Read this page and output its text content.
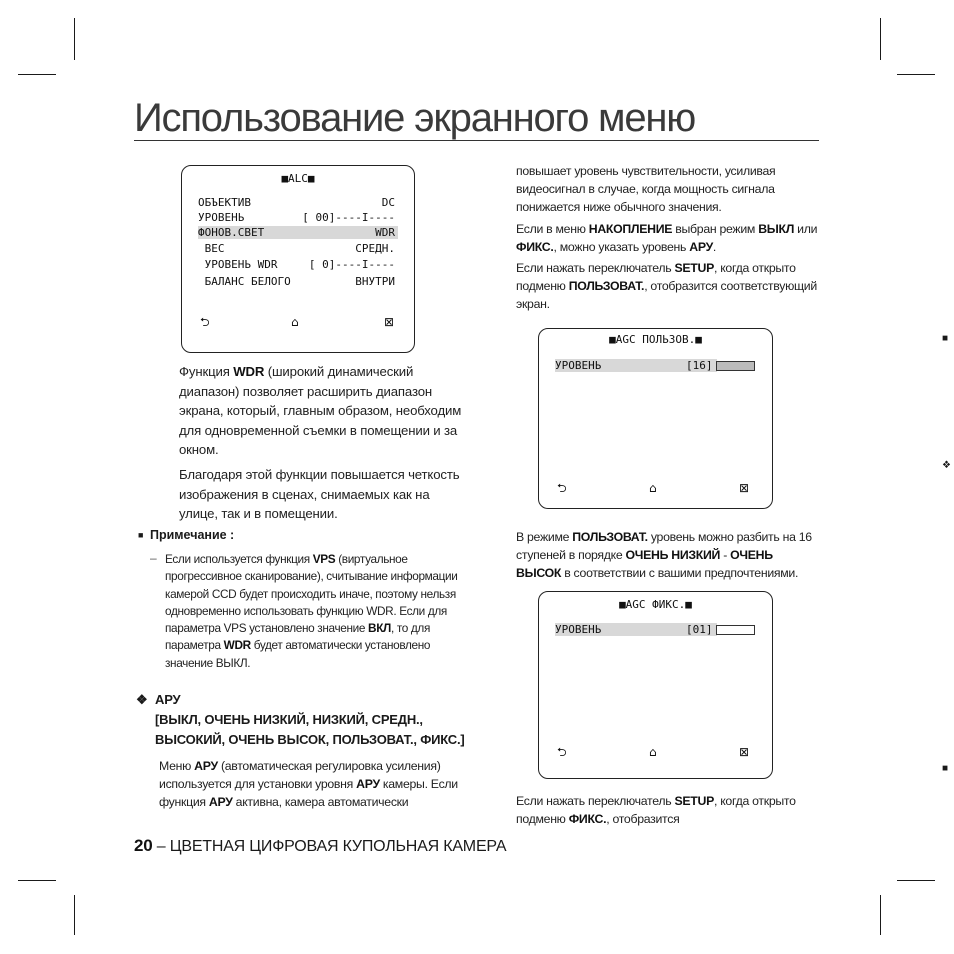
Использование экранного меню
■ALC■
ОБЪЕКТИВ	DC
УРОВЕНЬ	[ 00]----I----
ФОНОВ.СВЕТ	WDR
ВЕС	СРЕДН.
УРОВЕНЬ WDR	[ 0]----I----
БАЛАНС БЕЛОГО	ВНУТРИ
⮌	⌂	⊠

Функция WDR (широкий динамический диапазон) позволяет расширить диапазон экрана, который, главным образом, необходим для одновременной съемки в помещении и за окном.

Благодаря этой функции повышается четкость изображения в сценах, снимаемых как на улице, так и в помещении.

■ Примечание :
– Если используется функция VPS (виртуальное прогрессивное сканирование), считывание информации камерой CCD будет происходить иначе, поэтому нельзя одновременно использовать функцию WDR. Если для параметра VPS установлено значение ВКЛ, то для параметра WDR будет автоматически установлено значение ВЫКЛ.
❖ АРУ
[ВЫКЛ, ОЧЕНЬ НИЗКИЙ, НИЗКИЙ, СРЕДН., ВЫСОКИЙ, ОЧЕНЬ ВЫСОК, ПОЛЬЗОВАТ., ФИКС.]
Меню АРУ (автоматическая регулировка усиления) используется для установки уровня АРУ камеры. Если функция АРУ активна, камера автоматически

повышает уровень чувствительности, усиливая видеосигнал в случае, когда мощность сигнала понижается ниже обычного значения.

Если в меню НАКОПЛЕНИЕ выбран режим ВЫКЛ или ФИКС., можно указать уровень АРУ.

Если нажать переключатель SETUP, когда открыто подменю ПОЛЬЗОВАТ., отобразится соответствующий экран.

■AGC ПОЛЬЗОВ.■
УРОВЕНЬ	[16]
⮌	⌂	⊠
В режиме ПОЛЬЗОВАТ. уровень можно разбить на 16 ступеней в порядке ОЧЕНЬ НИЗКИЙ - ОЧЕНЬ ВЫСОК в соответствии с вашими предпочтениями.
■AGC ФИКС.■
УРОВЕНЬ	[01]
⮌	⌂	⊠
Если нажать переключатель SETUP, когда открыто подменю ФИКС., отобразится
■
❖
■
20 – ЦВЕТНАЯ ЦИФРОВАЯ КУПОЛЬНАЯ КАМЕРА
